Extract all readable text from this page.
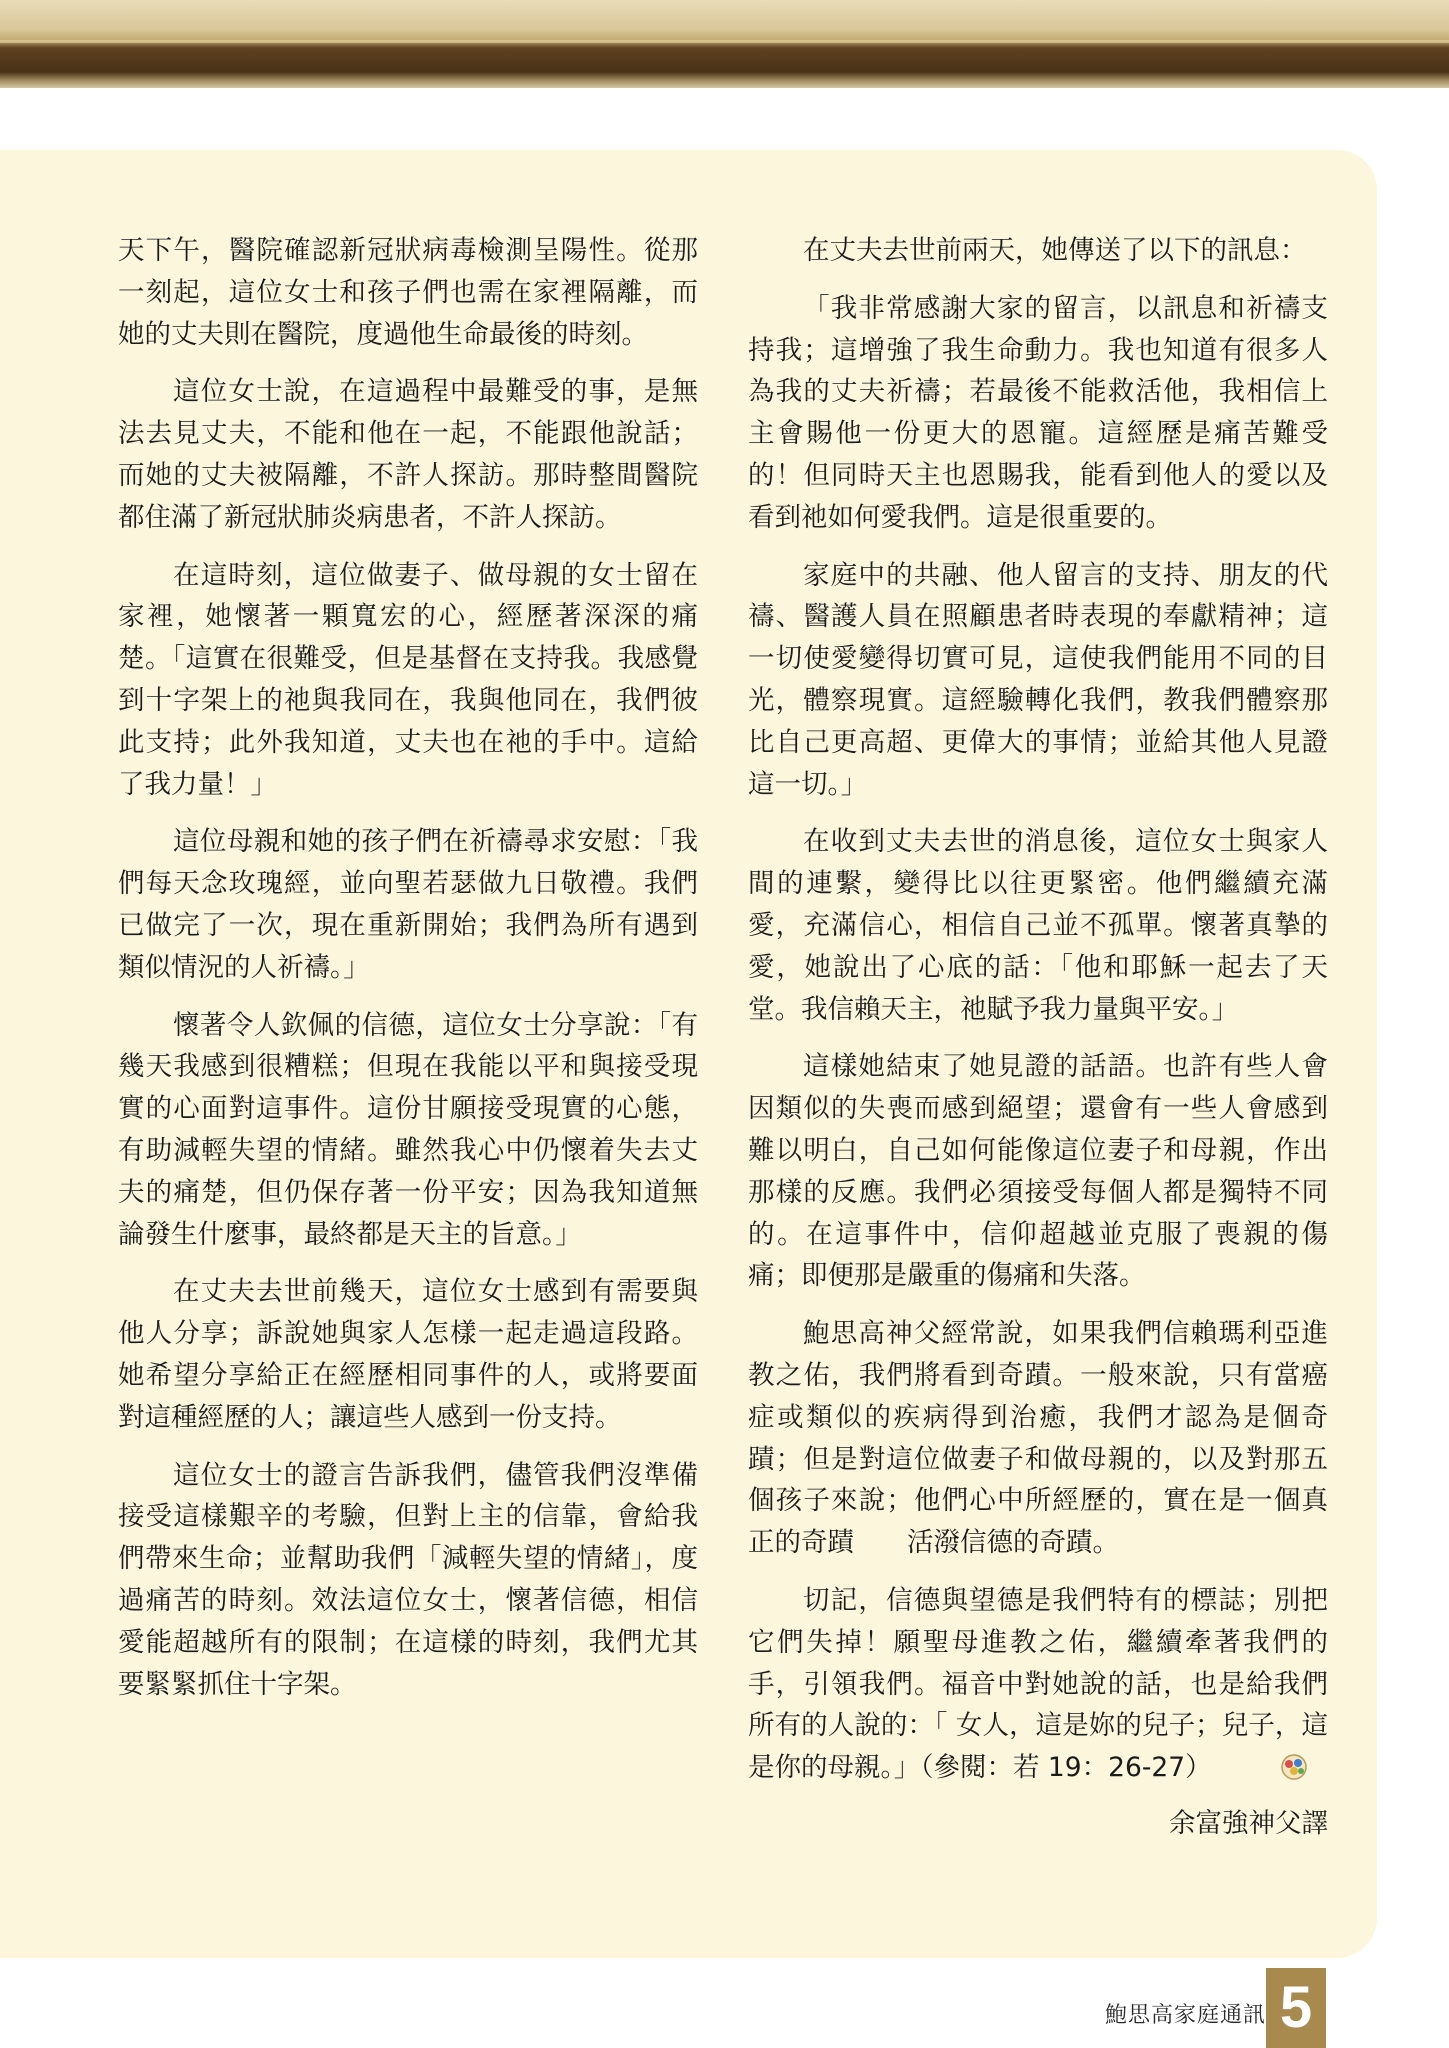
天下午，醫院確認新冠狀病毒檢測呈陽性。從那一刻起，這位女士和孩子們也需在家裡隔離，而她的丈夫則在醫院，度過他生命最後的時刻。

這位女士說，在這過程中最難受的事，是無法去見丈夫，不能和他在一起，不能跟他說話；而她的丈夫被隔離，不許人探訪。那時整間醫院都住滿了新冠狀肺炎病患者，不許人探訪。

在這時刻，這位做妻子、做母親的女士留在家裡，她懷著一顆寬宏的心，經歷著深深的痛楚。「這實在很難受，但是基督在支持我。我感覺到十字架上的祂與我同在，我與他同在，我們彼此支持；此外我知道，丈夫也在祂的手中。這給了我力量！」

這位母親和她的孩子們在祈禱尋求安慰：「我們每天念玫瑰經，並向聖若瑟做九日敬禮。我們已做完了一次，現在重新開始；我們為所有遇到類似情況的人祈禱。」

懷著令人欽佩的信德，這位女士分享說：「有幾天我感到很糟糕；但現在我能以平和與接受現實的心面對這事件。這份甘願接受現實的心態，有助減輕失望的情緒。雖然我心中仍懷着失去丈夫的痛楚，但仍保存著一份平安；因為我知道無論發生什麼事，最終都是天主的旨意。」

在丈夫去世前幾天，這位女士感到有需要與他人分享；訴說她與家人怎樣一起走過這段路。 她希望分享給正在經歷相同事件的人，或將要面對這種經歷的人；讓這些人感到一份支持。

這位女士的證言告訴我們，儘管我們沒準備接受這樣艱辛的考驗，但對上主的信靠，會給我們帶來生命；並幫助我們「減輕失望的情緒」，度過痛苦的時刻。效法這位女士，懷著信德，相信愛能超越所有的限制；在這樣的時刻，我們尤其要緊緊抓住十字架。

在丈夫去世前兩天，她傳送了以下的訊息：

「我非常感謝大家的留言，以訊息和祈禱支持我；這增強了我生命動力。我也知道有很多人為我的丈夫祈禱；若最後不能救活他，我相信上主會賜他一份更大的恩寵。這經歷是痛苦難受的！但同時天主也恩賜我，能看到他人的愛以及看到祂如何愛我們。這是很重要的。

家庭中的共融、他人留言的支持、朋友的代禱、醫護人員在照顧患者時表現的奉獻精神；這一切使愛變得切實可見，這使我們能用不同的目光，體察現實。這經驗轉化我們，教我們體察那比自己更高超、更偉大的事情；並給其他人見證這一切。」

在收到丈夫去世的消息後，這位女士與家人間的連繫，變得比以往更緊密。他們繼續充滿愛，充滿信心，相信自己並不孤單。懷著真摯的愛，她說出了心底的話：「他和耶穌一起去了天堂。我信賴天主，祂賦予我力量與平安。」

這樣她結束了她見證的話語。也許有些人會因類似的失喪而感到絕望；還會有一些人會感到難以明白，自己如何能像這位妻子和母親，作出那樣的反應。我們必須接受每個人都是獨特不同的。在這事件中，信仰超越並克服了喪親的傷痛；即便那是嚴重的傷痛和失落。

鮑思高神父經常說，如果我們信賴瑪利亞進教之佑，我們將看到奇蹟。一般來說，只有當癌症或類似的疾病得到治癒，我們才認為是個奇蹟；但是對這位做妻子和做母親的，以及對那五個孩子來說；他們心中所經歷的，實在是一個真正的奇蹟　　活潑信德的奇蹟。

切記，信德與望德是我們特有的標誌；別把它們失掉！願聖母進教之佑，繼續牽著我們的手，引領我們。福音中對她說的話，也是給我們所有的人說的：「 女人，這是妳的兒子；兒子，這是你的母親。」（參閱：若 19：26-27）

余富強神父譯
鮑思高家庭通訊 5
